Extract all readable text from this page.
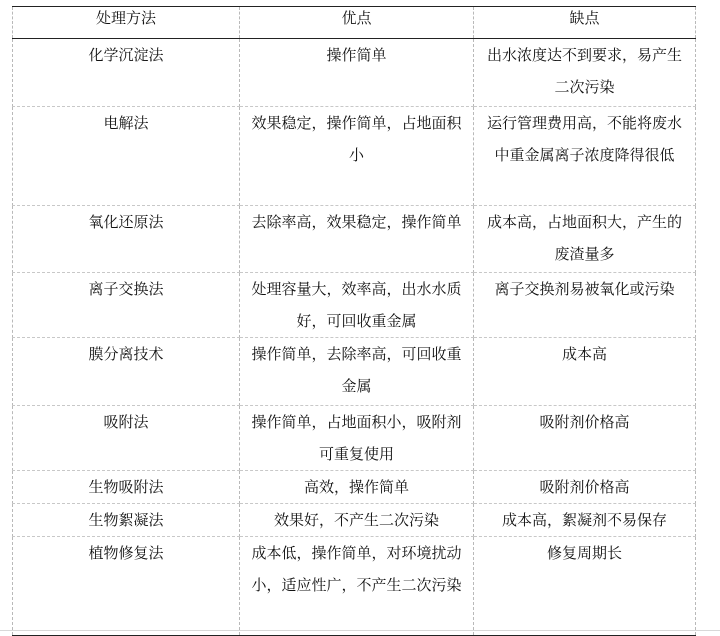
处理方法	优点	缺点
化学沉淀法	操作简单	出水浓度达不到要求，易产生二次污染
电解法	效果稳定，操作简单，占地面积小	运行管理费用高，不能将废水中重金属离子浓度降得很低
氧化还原法	去除率高，效果稳定，操作简单	成本高，占地面积大，产生的废渣量多
离子交换法	处理容量大，效率高，出水水质好，可回收重金属	离子交换剂易被氧化或污染
膜分离技术	操作简单，去除率高，可回收重金属	成本高
吸附法	操作简单，占地面积小，吸附剂可重复使用	吸附剂价格高
生物吸附法	高效，操作简单	吸附剂价格高
生物絮凝法	效果好，不产生二次污染	成本高，絮凝剂不易保存
植物修复法	成本低，操作简单，对环境扰动小，适应性广，不产生二次污染	修复周期长
